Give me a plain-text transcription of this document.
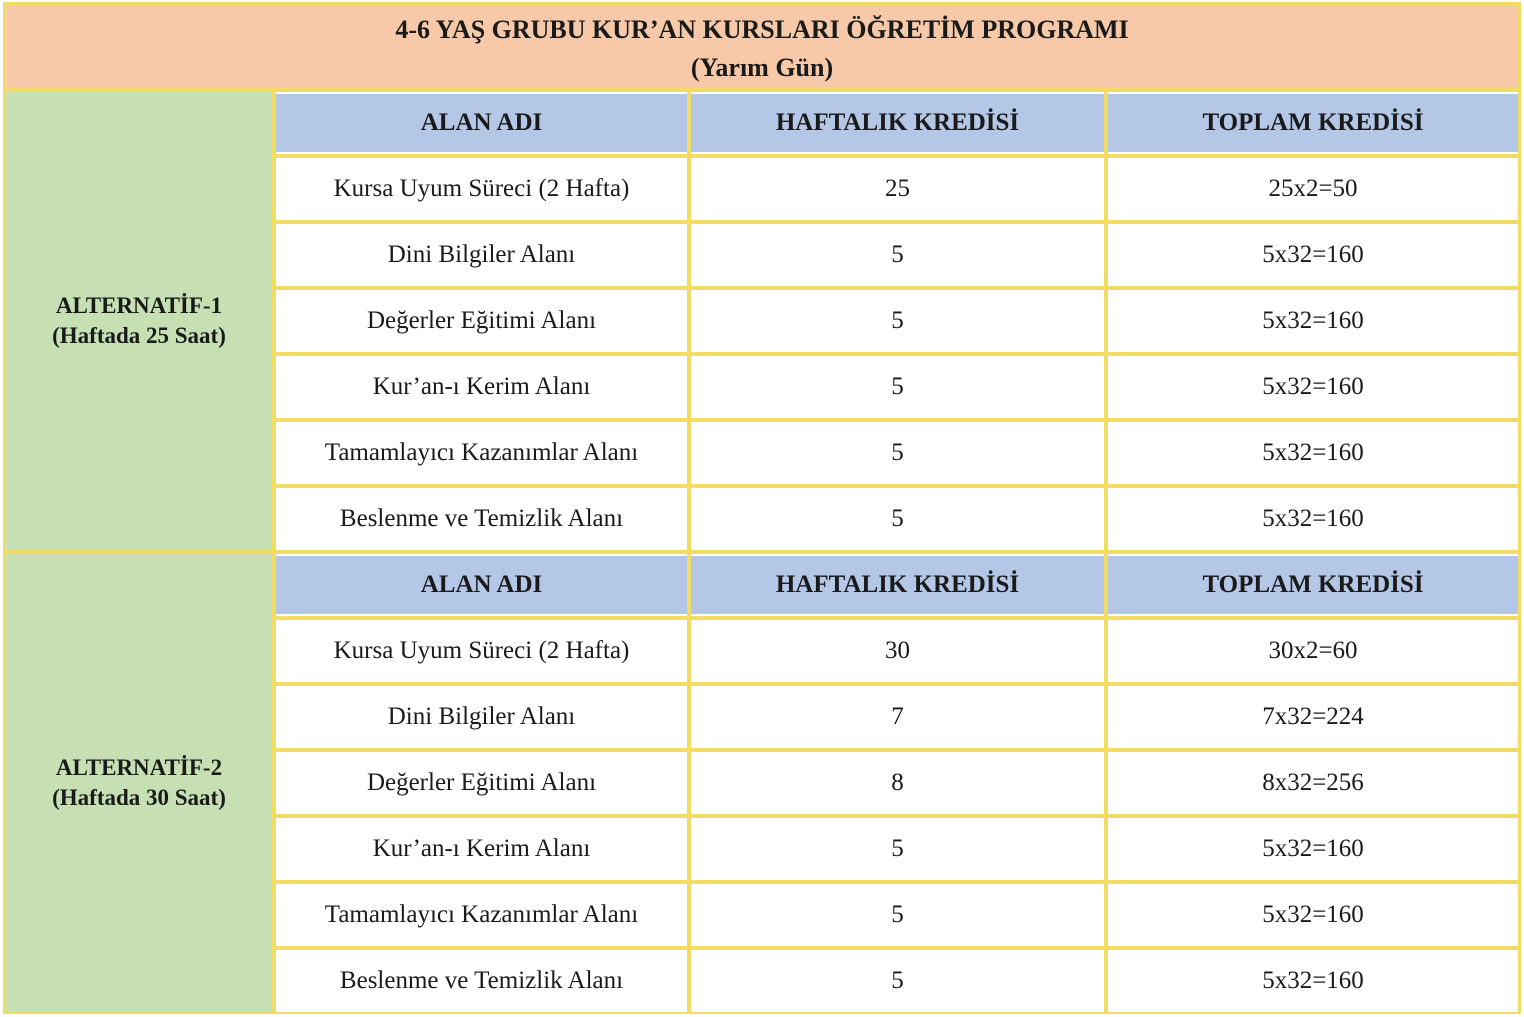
4-6 YAŞ GRUBU KUR’AN KURSLARI ÖĞRETİM PROGRAMI
(Yarım Gün)
ALTERNATİF-1
(Haftada 25 Saat)
ALAN ADI	HAFTALIK KREDİSİ	TOPLAM KREDİSİ
Kursa Uyum Süreci (2 Hafta)	25	25x2=50
Dini Bilgiler Alanı	5	5x32=160
Değerler Eğitimi Alanı	5	5x32=160
Kur’an-ı Kerim Alanı	5	5x32=160
Tamamlayıcı Kazanımlar Alanı	5	5x32=160
Beslenme ve Temizlik Alanı	5	5x32=160
ALTERNATİF-2
(Haftada 30 Saat)
ALAN ADI	HAFTALIK KREDİSİ	TOPLAM KREDİSİ
Kursa Uyum Süreci (2 Hafta)	30	30x2=60
Dini Bilgiler Alanı	7	7x32=224
Değerler Eğitimi Alanı	8	8x32=256
Kur’an-ı Kerim Alanı	5	5x32=160
Tamamlayıcı Kazanımlar Alanı	5	5x32=160
Beslenme ve Temizlik Alanı	5	5x32=160
